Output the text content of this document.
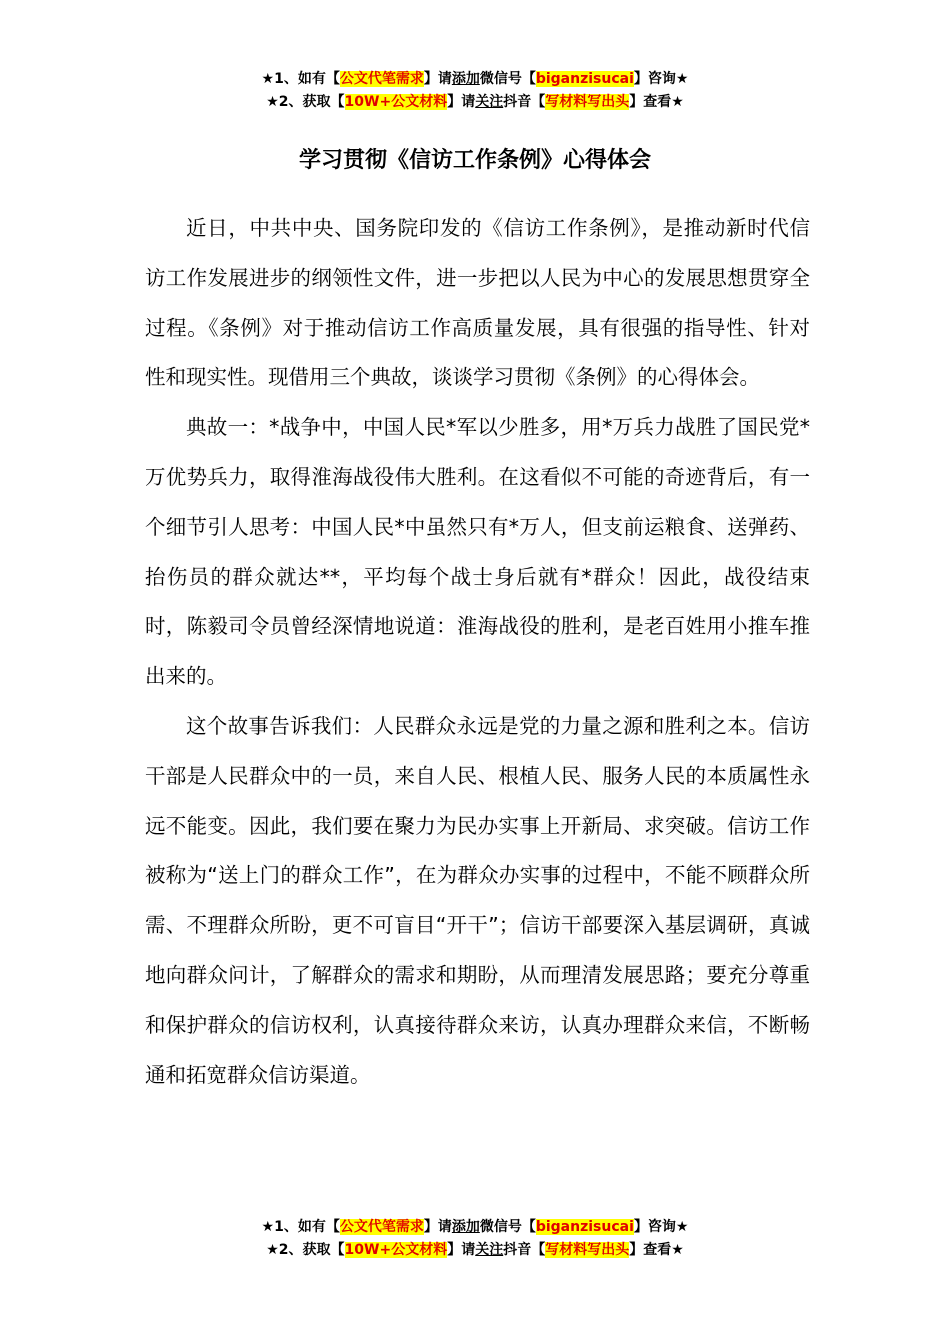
★1、如有【公文代笔需求】请添加微信号【biganzisucai】咨询★
★2、获取【10W+公文材料】请关注抖音【写材料写出头】查看★
学习贯彻《信访工作条例》心得体会

近日，中共中央、国务院印发的《信访工作条例》，是推动新时代信访工作发展进步的纲领性文件，进一步把以人民为中心的发展思想贯穿全过程。《条例》对于推动信访工作高质量发展，具有很强的指导性、针对性和现实性。现借用三个典故，谈谈学习贯彻《条例》的心得体会。

典故一：*战争中，中国人民*军以少胜多，用*万兵力战胜了国民党*万优势兵力，取得淮海战役伟大胜利。在这看似不可能的奇迹背后，有一个细节引人思考：中国人民*中虽然只有*万人，但支前运粮食、送弹药、抬伤员的群众就达**，平均每个战士身后就有*群众！因此，战役结束时，陈毅司令员曾经深情地说道：淮海战役的胜利，是老百姓用小推车推出来的。

这个故事告诉我们：人民群众永远是党的力量之源和胜利之本。信访干部是人民群众中的一员，来自人民、根植人民、服务人民的本质属性永远不能变。因此，我们要在聚力为民办实事上开新局、求突破。信访工作被称为“送上门的群众工作”，在为群众办实事的过程中，不能不顾群众所需、不理群众所盼，更不可盲目“开干”；信访干部要深入基层调研，真诚地向群众问计，了解群众的需求和期盼，从而理清发展思路；要充分尊重和保护群众的信访权利，认真接待群众来访，认真办理群众来信，不断畅通和拓宽群众信访渠道。

★1、如有【公文代笔需求】请添加微信号【biganzisucai】咨询★
★2、获取【10W+公文材料】请关注抖音【写材料写出头】查看★
